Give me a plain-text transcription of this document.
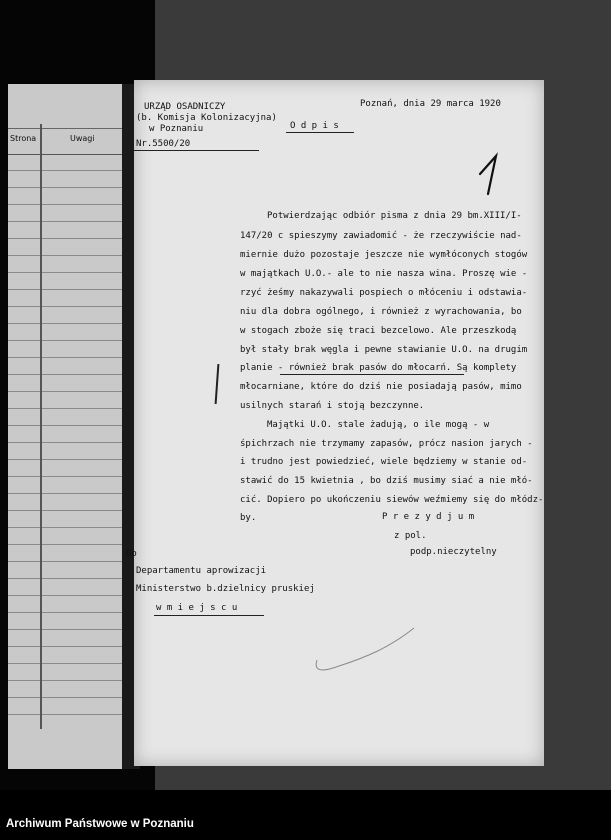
Strona	Uwagi
URZĄD OSADNICZY
(b. Komisja Kolonizacyjna)
w Poznaniu
Nr.5500/20
Poznań, dnia 29 marca 1920
O d p i s
Potwierdzając odbiór pisma z dnia 29 bm.XIII/I-
147/20 c spieszymy zawiadomić - że rzeczywiście nad-
miernie dużo pozostaje jeszcze nie wymłóconych stogów
w majątkach U.O.- ale to nie nasza wina. Proszę wie -
rzyć żeśmy nakazywali pospiech o młóceniu i odstawia-
niu dla dobra ogólnego, i również z wyrachowania, bo
w stogach zboże się traci bezcelowo. Ale przeszkodą
był stały brak węgla i pewne stawianie U.O. na drugim
planie - również brak pasów do młocarń. Są komplety
młocarniane, które do dziś nie posiadają pasów, mimo
usilnych starań i stoją bezczynne.
Majątki U.O. stale żadują, o ile mogą - w
śpichrzach nie trzymamy zapasów, prócz nasion jarych -
i trudno jest powiedzieć, wiele będziemy w stanie od-
stawić do 15 kwietnia , bo dziś musimy siać a nie młó-
cić. Dopiero po ukończeniu siewów weźmiemy się do młódz-
by.	P r e z y d j u m
z pol.
podp.nieczytelny
Do
Departamentu aprowizacji
Ministerstwo b.dzielnicy pruskiej
w m i e j s c u
Archiwum Państwowe w Poznaniu
